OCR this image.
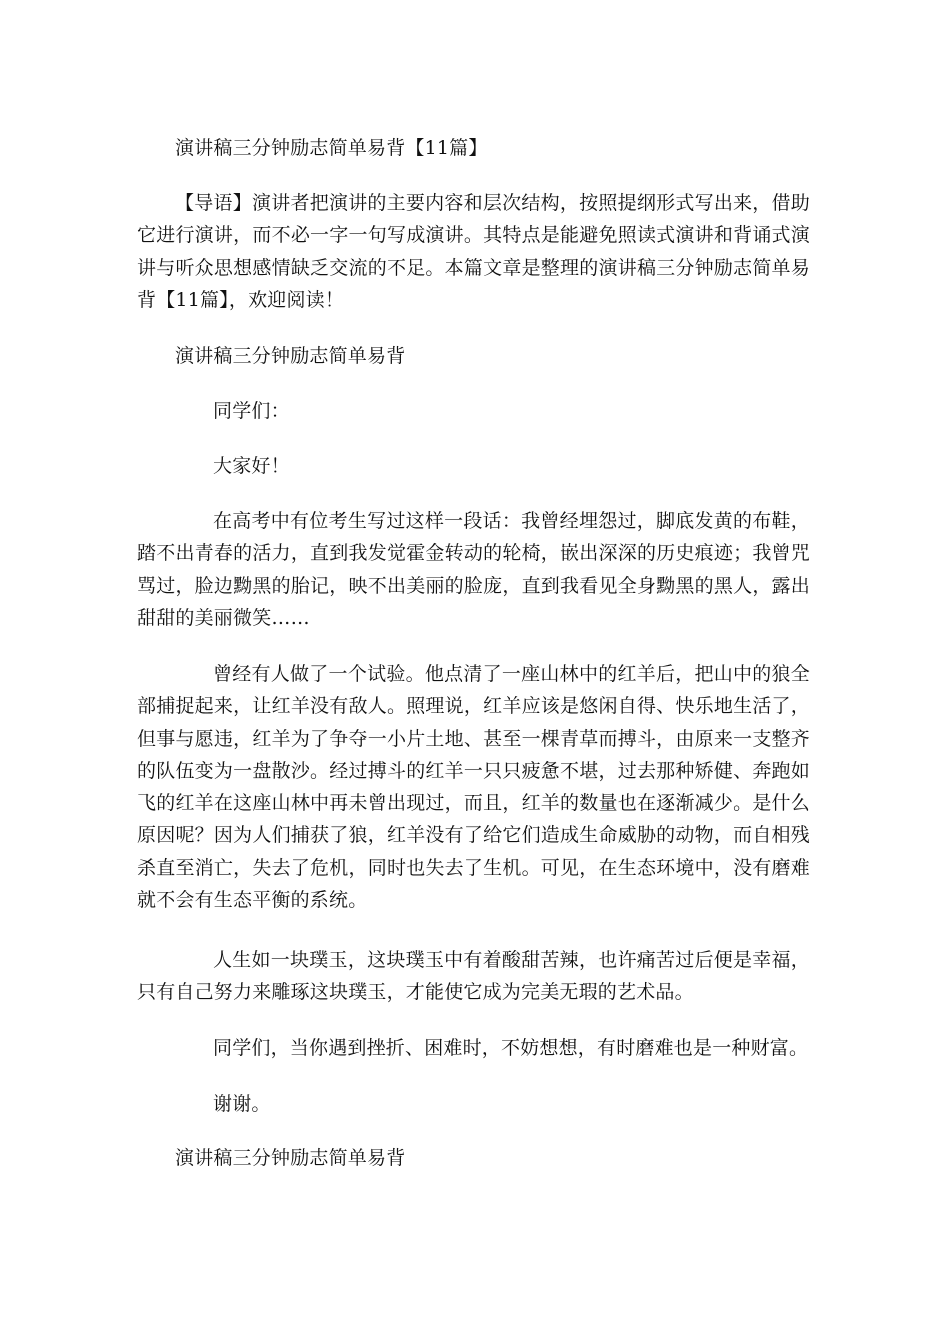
演讲稿三分钟励志简单易背【11篇】
【导语】演讲者把演讲的主要内容和层次结构，按照提纲形式写出来，借助它进行演讲，而不必一字一句写成演讲。其特点是能避免照读式演讲和背诵式演讲与听众思想感情缺乏交流的不足。本篇文章是整理的演讲稿三分钟励志简单易背【11篇】，欢迎阅读！
演讲稿三分钟励志简单易背
同学们：
大家好！
在高考中有位考生写过这样一段话：我曾经埋怨过，脚底发黄的布鞋，踏不出青春的活力，直到我发觉霍金转动的轮椅，嵌出深深的历史痕迹；我曾咒骂过，脸边黝黑的胎记，映不出美丽的脸庞，直到我看见全身黝黑的黑人，露出甜甜的美丽微笑……
曾经有人做了一个试验。他点清了一座山林中的红羊后，把山中的狼全部捕捉起来，让红羊没有敌人。照理说，红羊应该是悠闲自得、快乐地生活了，但事与愿违，红羊为了争夺一小片土地、甚至一棵青草而搏斗，由原来一支整齐的队伍变为一盘散沙。经过搏斗的红羊一只只疲惫不堪，过去那种矫健、奔跑如飞的红羊在这座山林中再未曾出现过，而且，红羊的数量也在逐渐减少。是什么原因呢？因为人们捕获了狼，红羊没有了给它们造成生命威胁的动物，而自相残杀直至消亡，失去了危机，同时也失去了生机。可见，在生态环境中，没有磨难就不会有生态平衡的系统。
人生如一块璞玉，这块璞玉中有着酸甜苦辣，也许痛苦过后便是幸福，只有自己努力来雕琢这块璞玉，才能使它成为完美无瑕的艺术品。
同学们，当你遇到挫折、困难时，不妨想想，有时磨难也是一种财富。
谢谢。
演讲稿三分钟励志简单易背
